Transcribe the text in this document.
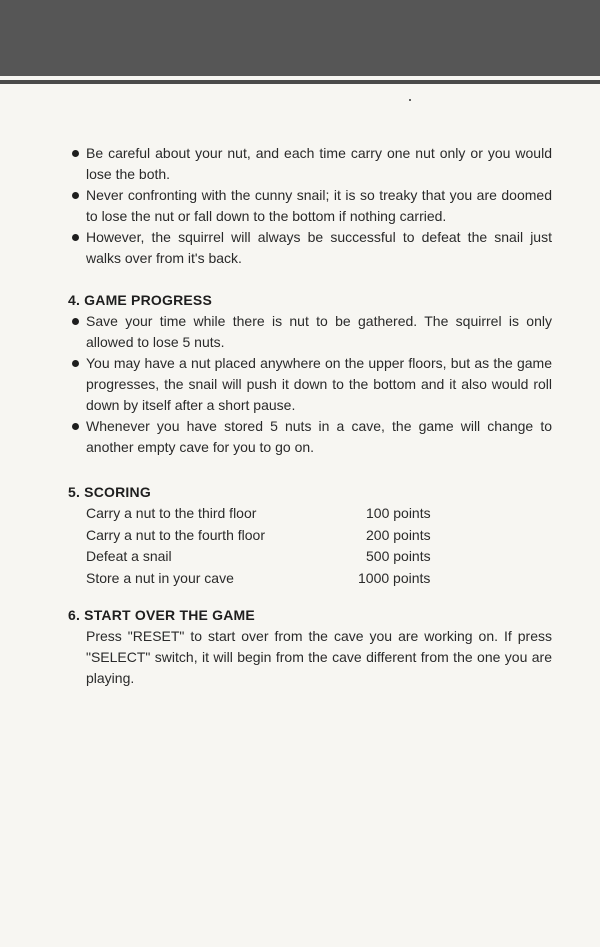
Be careful about your nut, and each time carry one nut only or you would lose the both.
Never confronting with the cunny snail; it is so treaky that you are doomed to lose the nut or fall down to the bottom if nothing carried.
However, the squirrel will always be successful to defeat the snail just walks over from it's back.
4. GAME PROGRESS
Save your time while there is nut to be gathered. The squirrel is only allowed to lose 5 nuts.
You may have a nut placed anywhere on the upper floors, but as the game progresses, the snail will push it down to the bottom and it also would roll down by itself after a short pause.
Whenever you have stored 5 nuts in a cave, the game will change to another empty cave for you to go on.
5. SCORING
Carry a nut to the third floor	100 points
Carry a nut to the fourth floor	200 points
Defeat a snail	500 points
Store a nut in your cave	1000 points
6. START OVER THE GAME
Press "RESET" to start over from the cave you are working on. If press "SELECT" switch, it will begin from the cave different from the one you are playing.
